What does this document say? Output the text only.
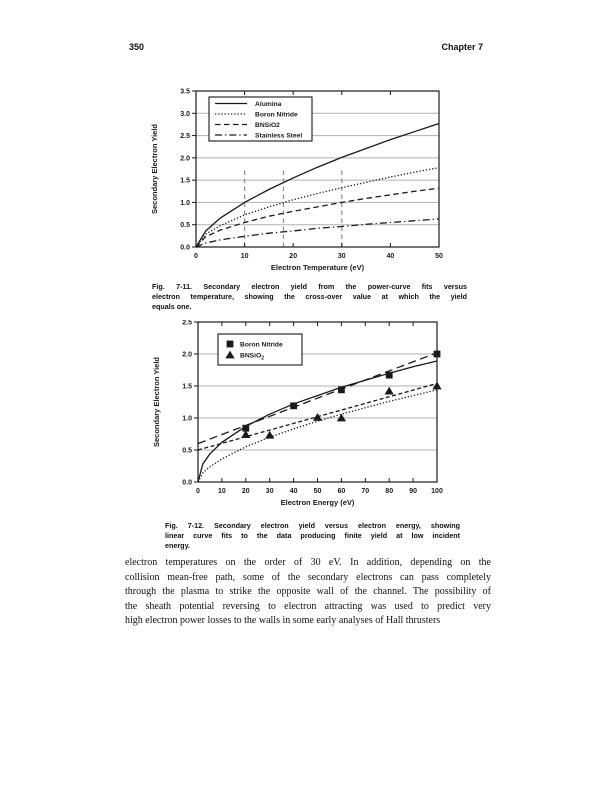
350	Chapter 7
0	10	20	30	40	50
0.0
0.5
1.0
1.5
2.0
2.5
3.0
3.5
Electron Temperature (eV)
Secondary Electron Yield
Alumina
Boron Nitride
BNSiO2
Stainless Steel
Fig. 7-11. Secondary electron yield from the power-curve fits versus
electron temperature, showing the cross-over value at which the yield
equals one.
0	10 20 30 40 50 60 70 80 90 100
0.0
0.5
1.0
1.5
2.0
2.5
Electron Energy (eV)
Secondary Electron Yield
Boron Nitride
BNSiO$_2$
Fig. 7-12. Secondary electron yield versus electron energy, showing
linear curve fits to the data producing finite yield at low incident
energy.
electron temperatures on the order of 30 eV. In addition, depending on the
collision mean-free path, some of the secondary electrons can pass completely
through the plasma to strike the opposite wall of the channel. The possibility of
the sheath potential reversing to electron attracting was used to predict very
high electron power losses to the walls in some early analyses of Hall thrusters
